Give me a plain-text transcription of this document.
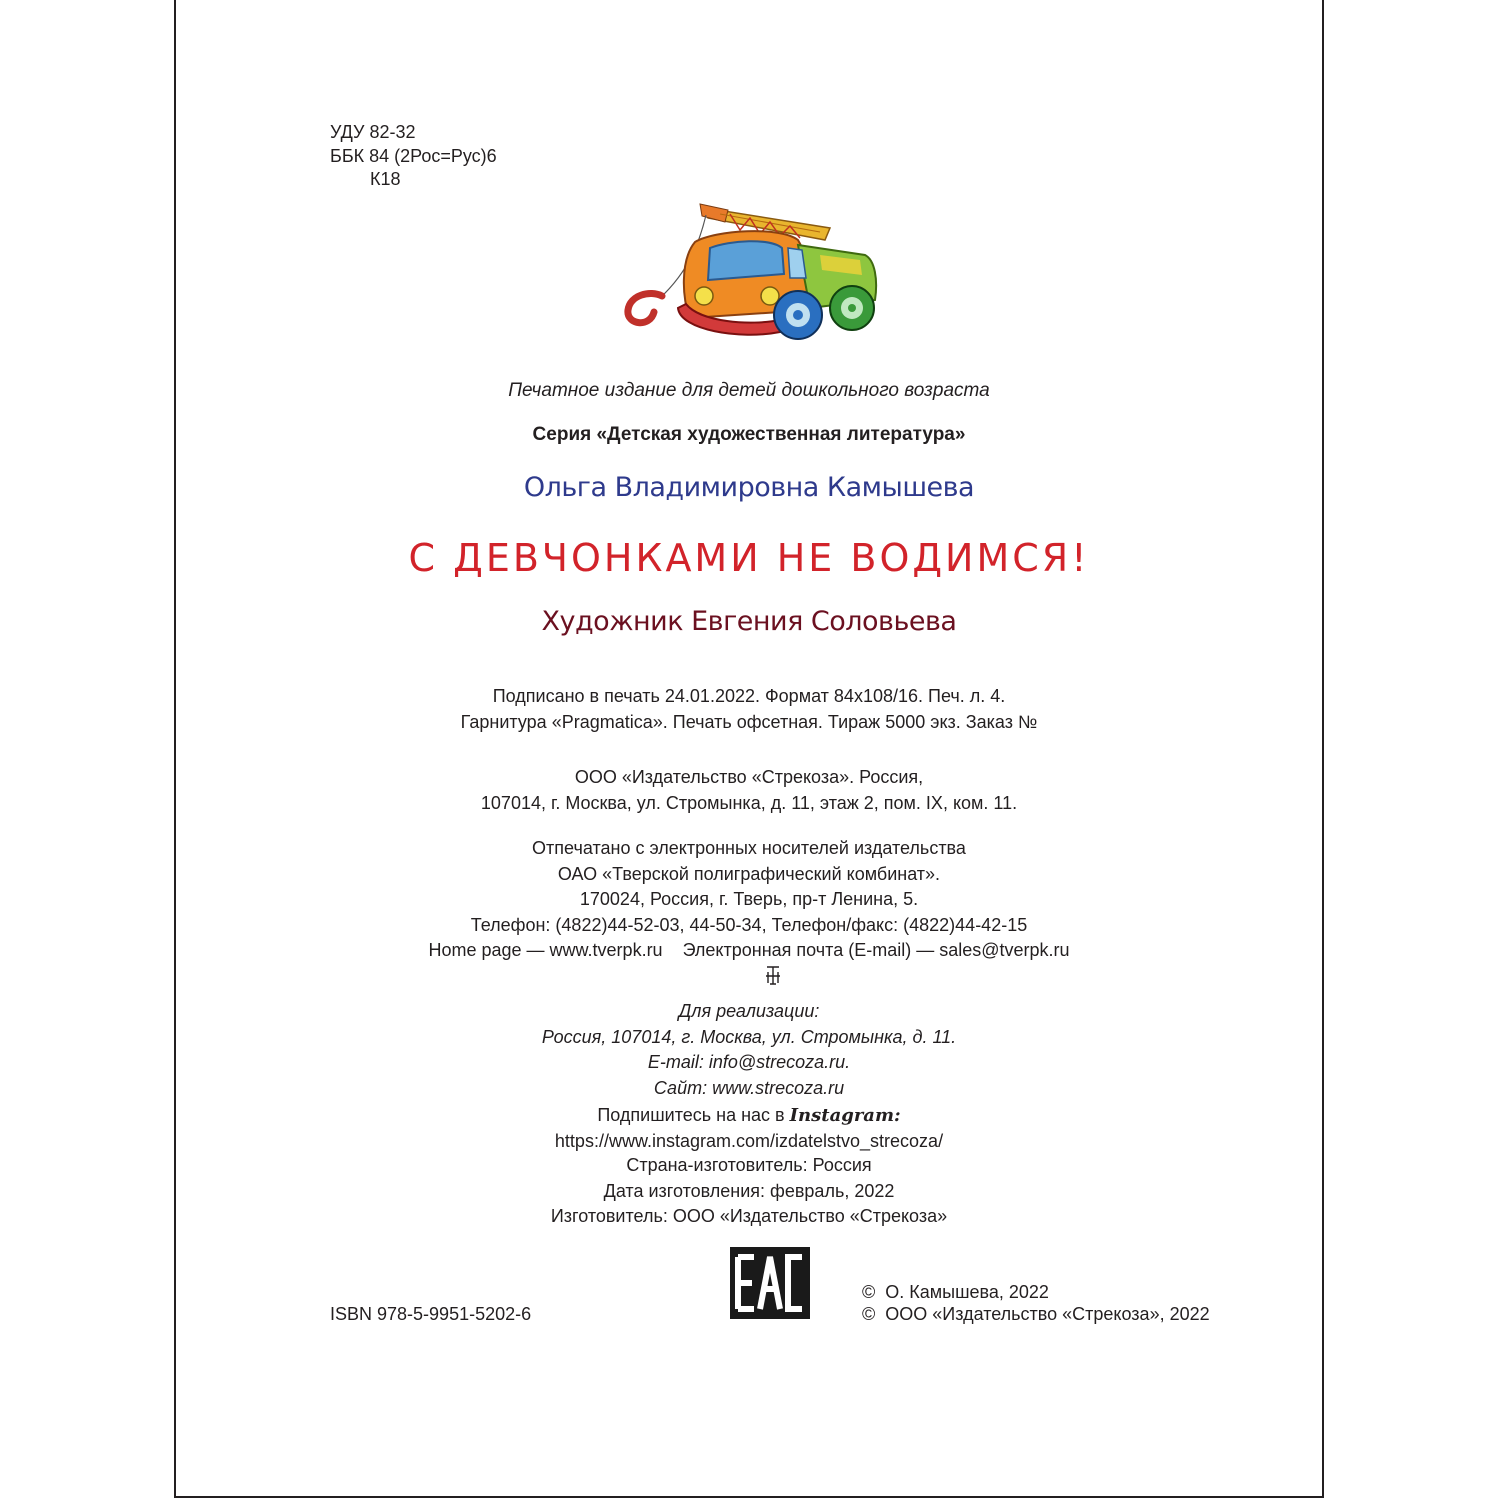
УДУ 82-32
ББК 84 (2Рос=Рус)6
К18
Печатное издание для детей дошкольного возраста
Серия «Детская художественная литература»
Ольга Владимировна Камышева
С ДЕВЧОНКАМИ НЕ ВОДИМСЯ!
Художник Евгения Соловьева
Подписано в печать 24.01.2022. Формат 84х108/16. Печ. л. 4.
Гарнитура «Pragmatica». Печать офсетная. Тираж 5000 экз. Заказ №
ООО «Издательство «Стрекоза». Россия,
107014, г. Москва, ул. Стромынка, д. 11, этаж 2, пом. IX, ком. 11.
Отпечатано с электронных носителей издательства
ОАО «Тверской полиграфический комбинат».
170024, Россия, г. Тверь, пр-т Ленина, 5.
Телефон: (4822)44-52-03, 44-50-34, Телефон/факс: (4822)44-42-15
Home page — www.tverpk.ru    Электронная почта (E-mail) — sales@tverpk.ru
Для реализации:
Россия, 107014, г. Москва, ул. Стромынка, д. 11.
E-mail: info@strecoza.ru.
Сайт: www.strecoza.ru
Подпишитесь на нас в Instagram:
https://www.instagram.com/izdatelstvo_strecoza/
Страна-изготовитель: Россия
Дата изготовления: февраль, 2022
Изготовитель: ООО «Издательство «Стрекоза»
ISBN 978-5-9951-5202-6
©  О. Камышева, 2022
©  ООО «Издательство «Стрекоза», 2022
